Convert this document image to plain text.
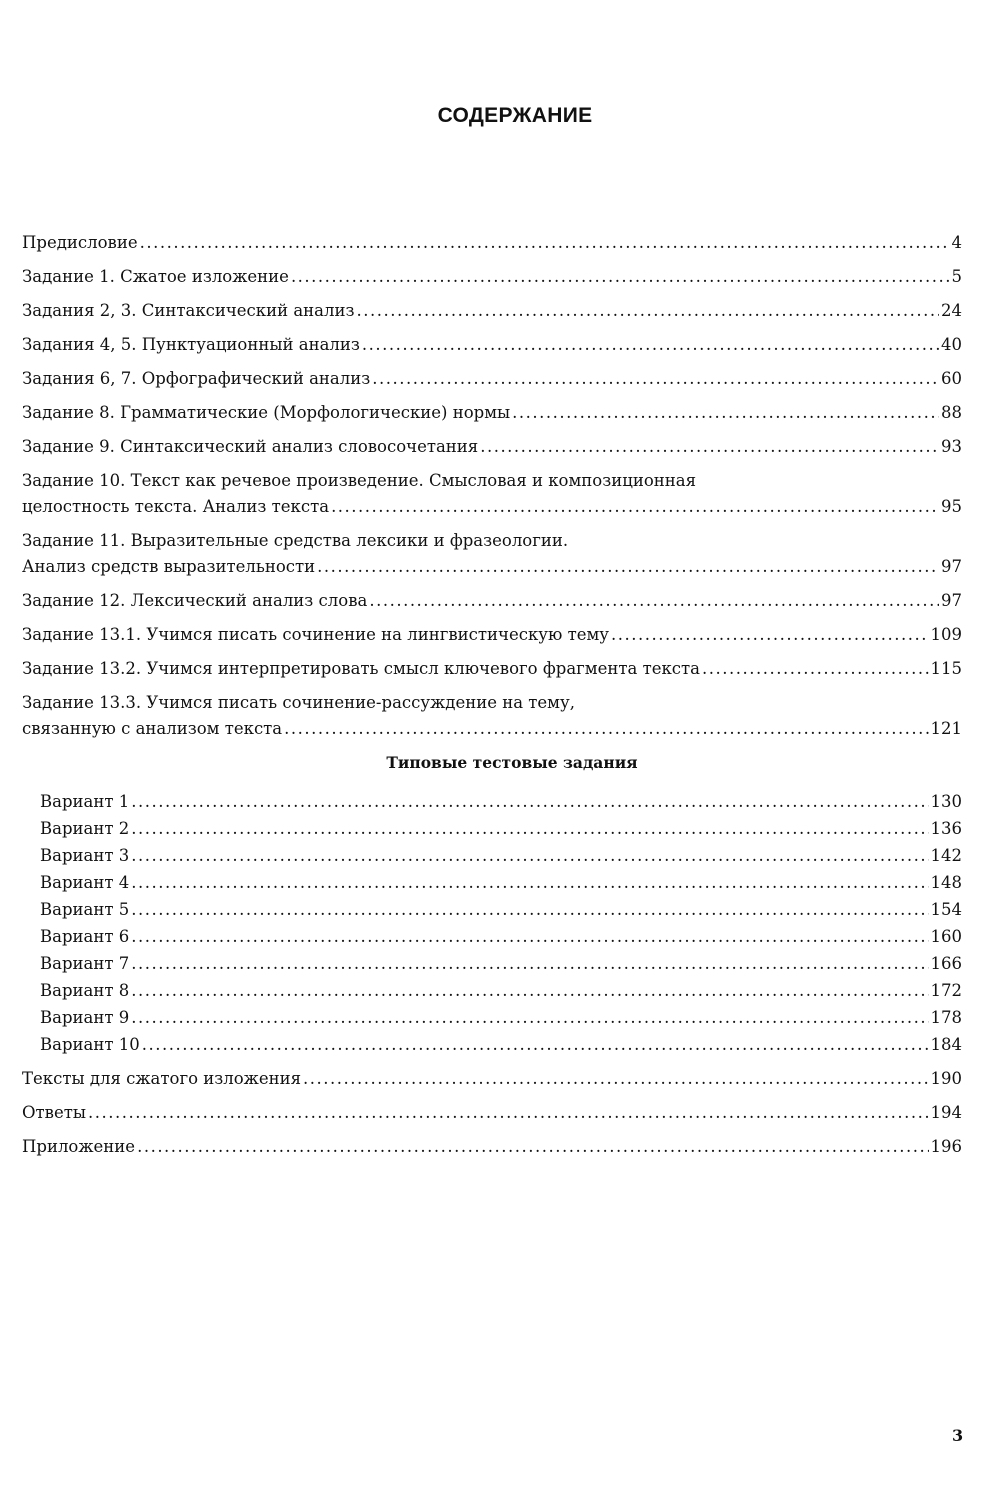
СОДЕРЖАНИЕ
Предисловие .....	4
Задание 1. Сжатое изложение .....	5
Задания 2, 3. Синтаксический анализ .....	24
Задания 4, 5. Пунктуационный анализ .....	40
Задания 6, 7. Орфографический анализ .....	60
Задание 8. Грамматические (Морфологические) нормы .....	88
Задание 9. Синтаксический анализ словосочетания .....	93
Задание 10. Текст как речевое произведение. Смысловая и композиционная
целостность текста. Анализ текста .....	95
Задание 11. Выразительные средства лексики и фразеологии.
Анализ средств выразительности .....	97
Задание 12. Лексический анализ слова .....	97
Задание 13.1. Учимся писать сочинение на лингвистическую тему .....	109
Задание 13.2. Учимся интерпретировать смысл ключевого фрагмента текста .....	115
Задание 13.3. Учимся писать сочинение-рассуждение на тему,
связанную с анализом текста .....	121
Типовые тестовые задания
Вариант 1 .....	130
Вариант 2 .....	136
Вариант 3 .....	142
Вариант 4 .....	148
Вариант 5 .....	154
Вариант 6 .....	160
Вариант 7 .....	166
Вариант 8 .....	172
Вариант 9 .....	178
Вариант 10 .....	184
Тексты для сжатого изложения .....	190
Ответы .....	194
Приложение .....	196
3
